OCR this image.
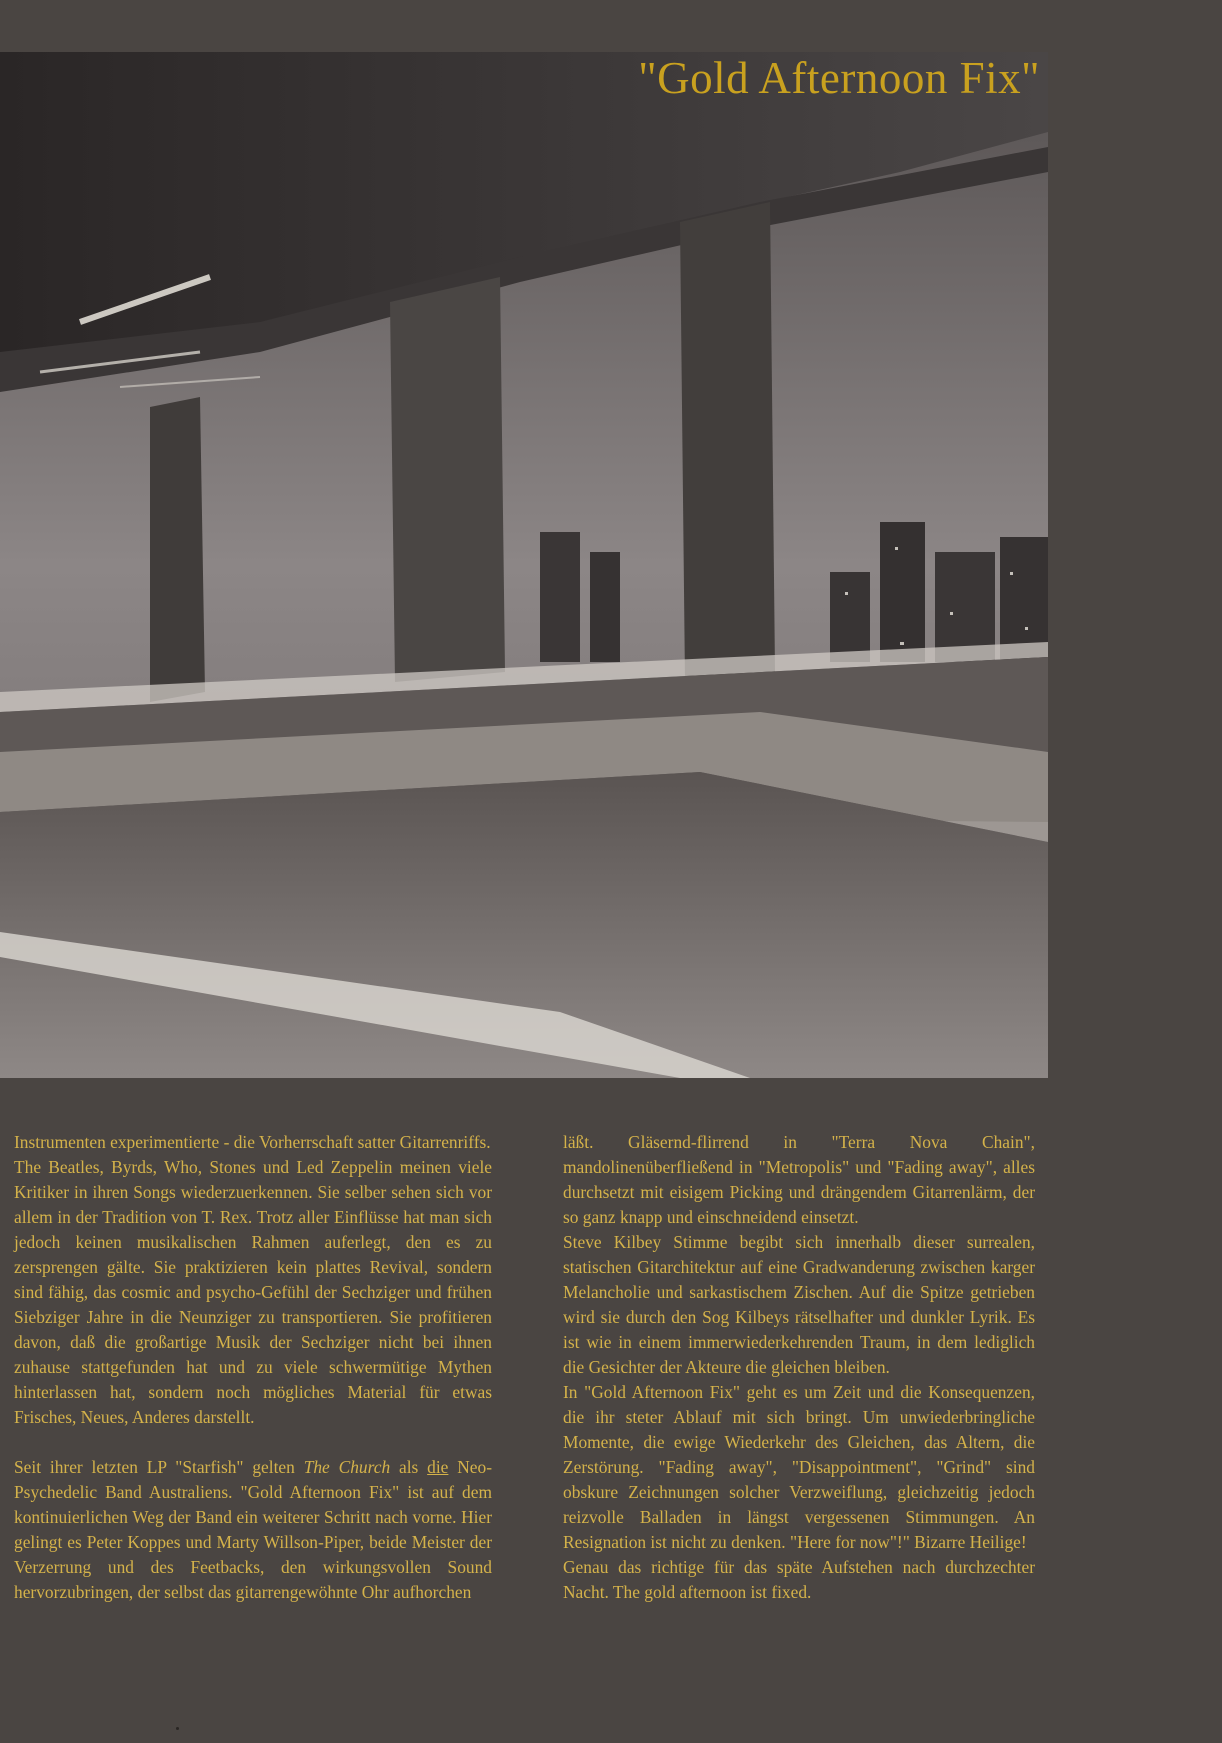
"Gold Afternoon Fix"

Instrumenten experimentierte - die Vorherrschaft satter Gitarrenriffs.

The Beatles, Byrds, Who, Stones und Led Zeppelin meinen viele Kritiker in ihren Songs wiederzuerkennen. Sie selber sehen sich vor allem in der Tradition von T. Rex. Trotz aller Einflüsse hat man sich jedoch keinen musikalischen Rahmen auferlegt, den es zu zersprengen gälte. Sie praktizieren kein plattes Revival, sondern sind fähig, das cosmic and psycho-Gefühl der Sechziger und frühen Siebziger Jahre in die Neunziger zu transportieren. Sie profitieren davon, daß die großartige Musik der Sechziger nicht bei ihnen zuhause stattgefunden hat und zu viele schwermütige Mythen hinterlassen hat, sondern noch mögliches Material für etwas Frisches, Neues, Anderes darstellt.

Seit ihrer letzten LP "Starfish" gelten The Church als die Neo-Psychedelic Band Australiens. "Gold Afternoon Fix" ist auf dem kontinuierlichen Weg der Band ein weiterer Schritt nach vorne. Hier gelingt es Peter Koppes und Marty Willson-Piper, beide Meister der Verzerrung und des Feetbacks, den wirkungsvollen Sound hervorzubringen, der selbst das gitarrengewöhnte Ohr aufhorchen

läßt. Gläsernd-flirrend in "Terra Nova Chain", mandolinenüberfließend in "Metropolis" und "Fading away", alles durchsetzt mit eisigem Picking und drängendem Gitarrenlärm, der so ganz knapp und einschneidend einsetzt.

Steve Kilbey Stimme begibt sich innerhalb dieser surrealen, statischen Gitarchitektur auf eine Gradwanderung zwischen karger Melancholie und sarkastischem Zischen. Auf die Spitze getrieben wird sie durch den Sog Kilbeys rätselhafter und dunkler Lyrik. Es ist wie in einem immerwiederkehrenden Traum, in dem lediglich die Gesichter der Akteure die gleichen bleiben.

In "Gold Afternoon Fix" geht es um Zeit und die Konsequenzen, die ihr steter Ablauf mit sich bringt. Um unwiederbringliche Momente, die ewige Wiederkehr des Gleichen, das Altern, die Zerstörung. "Fading away", "Disappointment", "Grind" sind obskure Zeichnungen solcher Verzweiflung, gleichzeitig jedoch reizvolle Balladen in längst vergessenen Stimmungen. An Resignation ist nicht zu denken. "Here for now"!" Bizarre Heilige!

Genau das richtige für das späte Aufstehen nach durchzechter Nacht. The gold afternoon ist fixed.
